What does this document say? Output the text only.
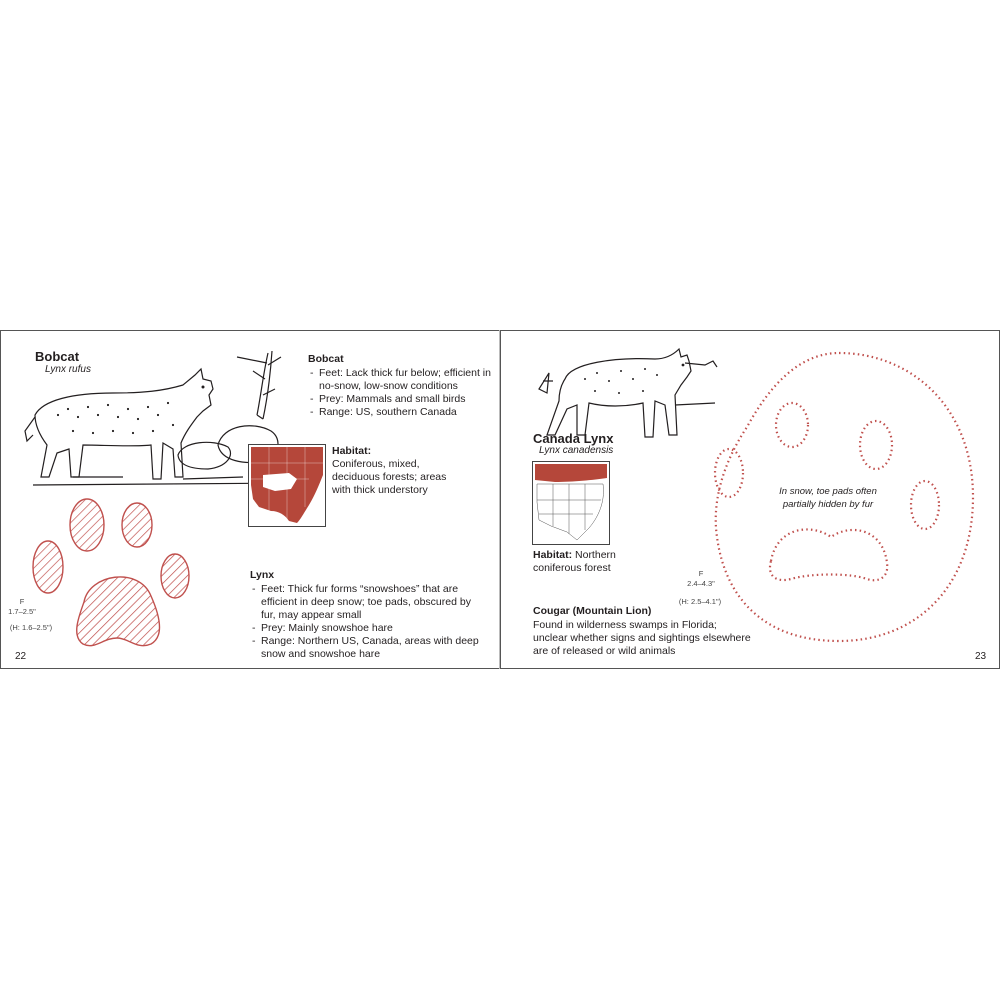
Bobcat
Lynx rufus
Bobcat
- Feet: Lack thick fur below; efficient in no-snow, low-snow conditions
- Prey: Mammals and small birds
- Range: US, southern Canada
Habitat:
Coniferous, mixed, deciduous forests; areas with thick understory
Lynx
- Feet: Thick fur forms “snowshoes” that are efficient in deep snow; toe pads, obscured by fur, may appear small
- Prey: Mainly snowshoe hare
- Range: Northern US, Canada, areas with deep snow and snowshoe hare
F
1.7–2.5"
(H: 1.6–2.5")
22
Canada Lynx
Lynx canadensis
Habitat: Northern coniferous forest
Cougar (Mountain Lion)
Found in wilderness swamps in Florida; unclear whether signs and sightings elsewhere are of released or wild animals
F
2.4–4.3"
(H: 2.5–4.1")
In snow, toe pads often partially hidden by fur
23
